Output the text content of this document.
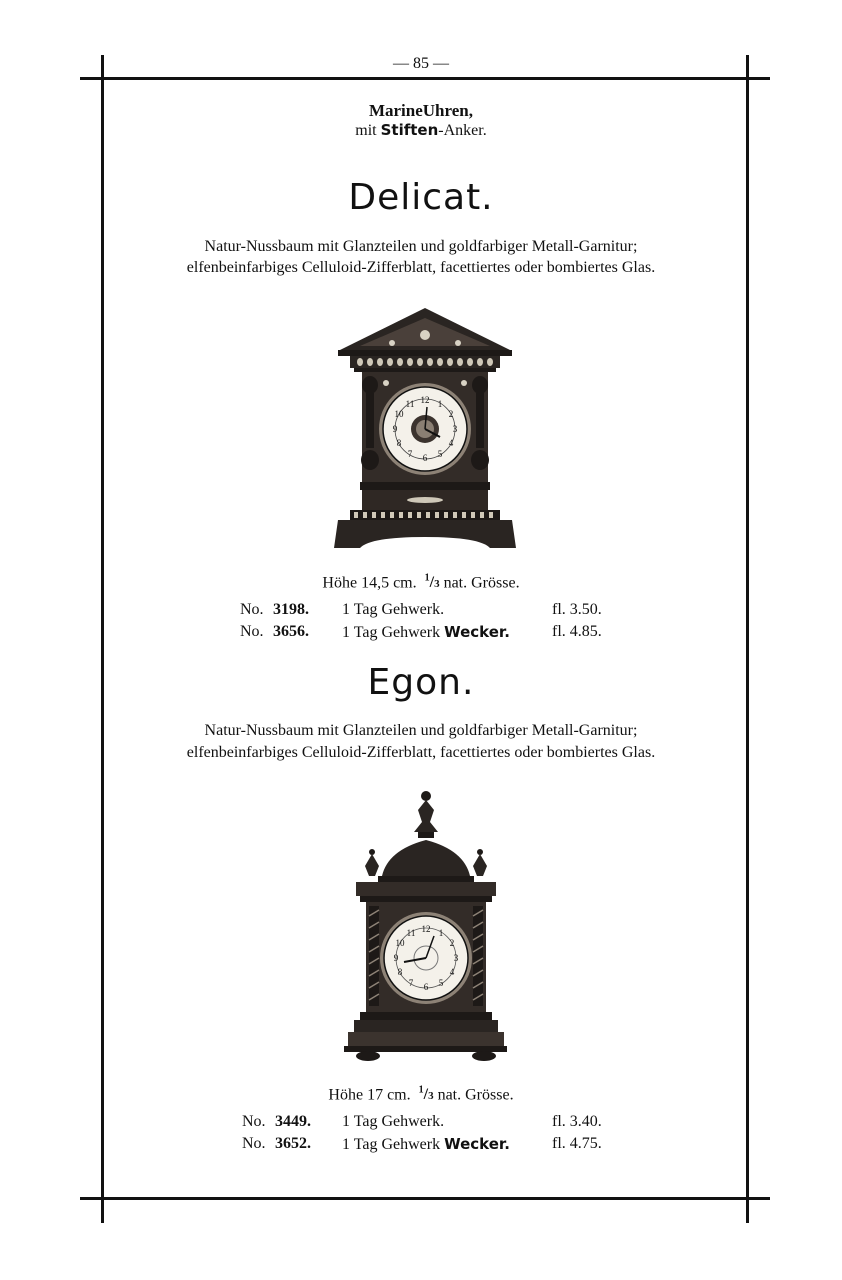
— 85 —
MarineUhren,
mit Stiften-Anker.
Delicat.
Natur-Nussbaum mit Glanzteilen und goldfarbiger Metall-Garnitur;
elfenbeinfarbiges Celluloid-Zifferblatt, facettiertes oder bombiertes Glas.
12 1
2
3
4
5
6
7
8
9
10
11
Höhe 14,5 cm. $^1$/3 nat. Grösse.
No. 3198. 1 Tag Gehwerk.	fl. 3.50.
No. 3656. 1 Tag Gehwerk Wecker.	fl. 4.85.
Egon.
Natur-Nussbaum mit Glanzteilen und goldfarbiger Metall-Garnitur;
elfenbeinfarbiges Celluloid-Zifferblatt, facettiertes oder bombiertes Glas.
12 1
2
3
4
5
6
7
8
9
10
11
Höhe 17 cm. $^1$/3 nat. Grösse.
No. 3449. 1 Tag Gehwerk.	fl. 3.40.
No. 3652. 1 Tag Gehwerk Wecker.	fl. 4.75.
